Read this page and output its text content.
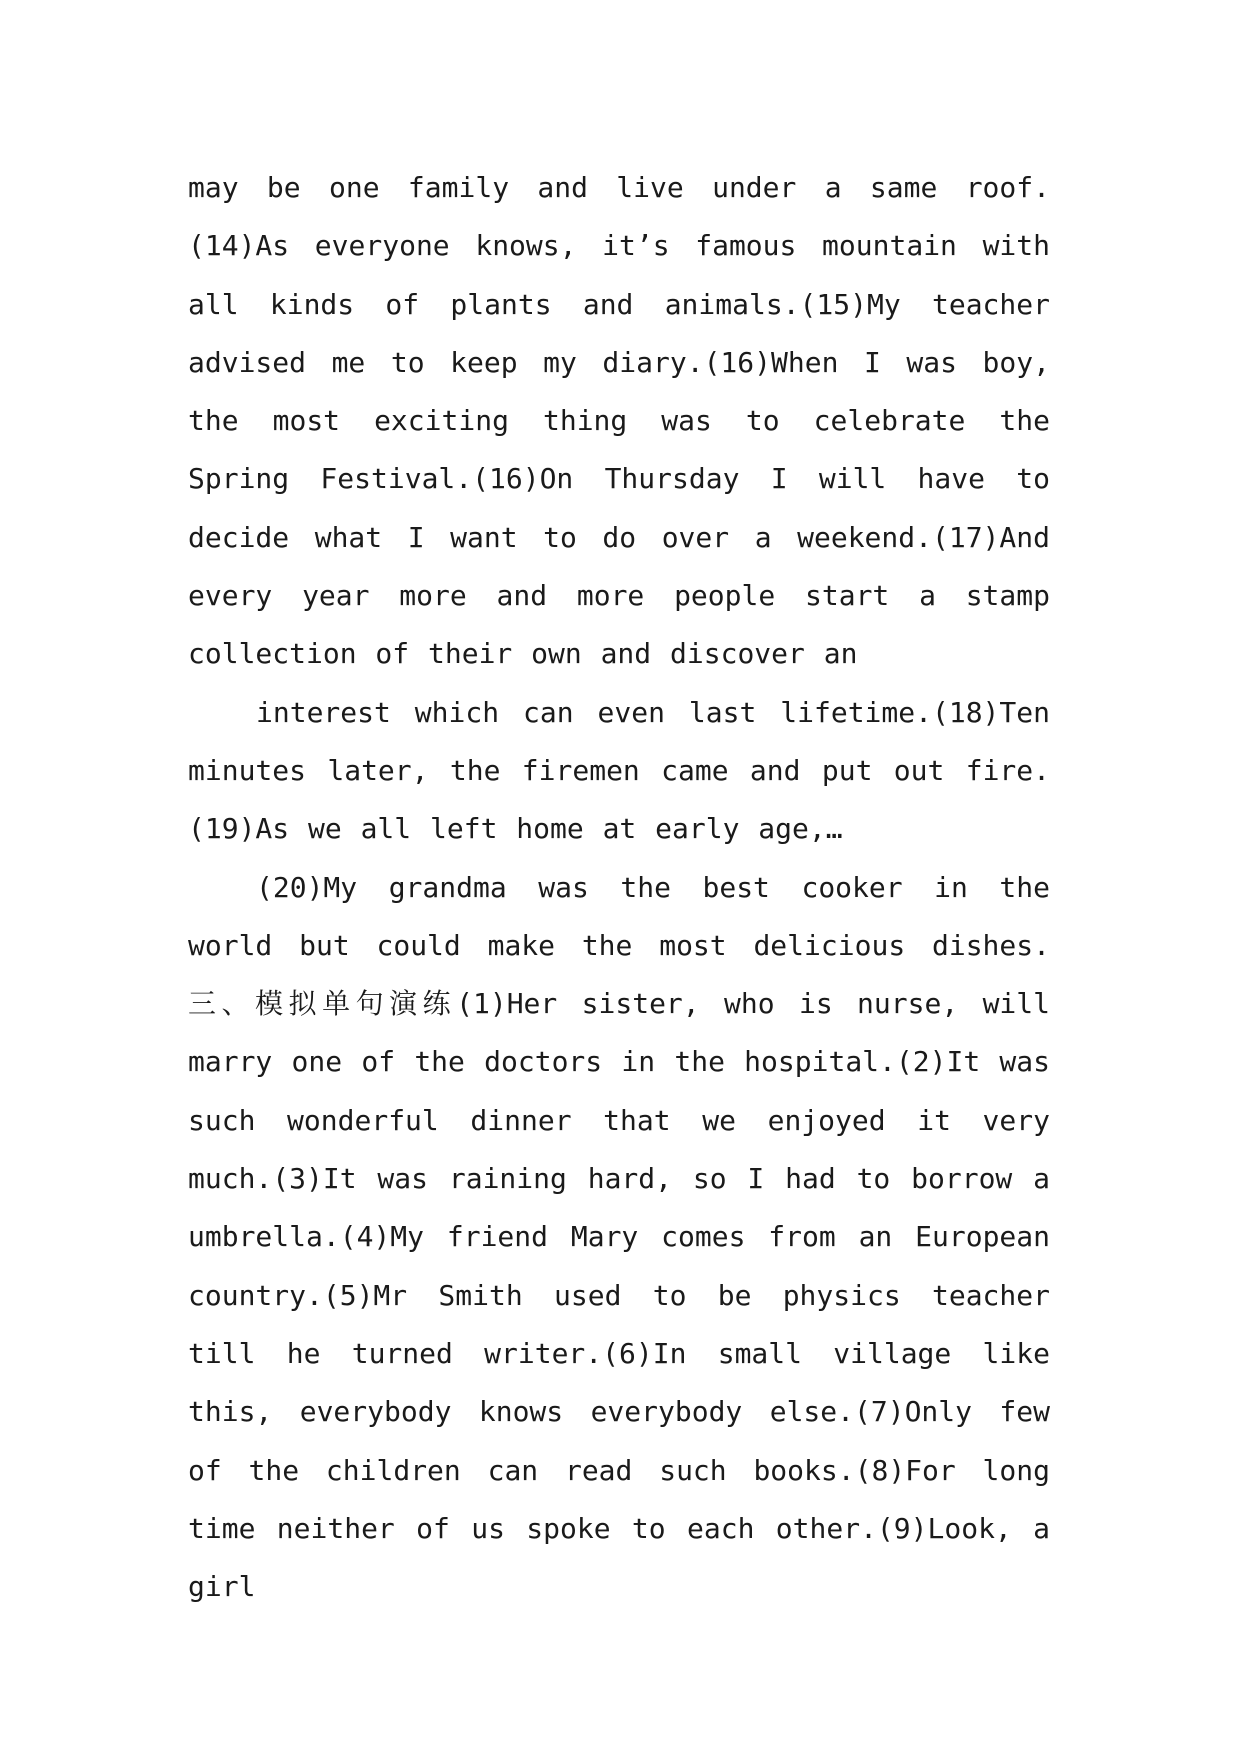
may be one family and live under a same roof.(14)As everyone knows, it’s famous mountain with all kinds of plants and animals.(15)My teacher advised me to keep my diary.(16)When I was boy, the most exciting thing was to celebrate the Spring Festival.(16)On Thursday I will have to decide what I want to do over a weekend.(17)And every year more and more people start a stamp collection of their own and discover an

interest which can even last lifetime.(18)Ten minutes later, the firemen came and put out fire.(19)As we all left home at early age,…

(20)My grandma was the best cooker in the world but could make the most delicious dishes.三、模拟单句演练(1)Her sister, who is nurse, will marry one of the doctors in the hospital.(2)It was such wonderful dinner that we enjoyed it very much.(3)It was raining hard, so I had to borrow a umbrella.(4)My friend Mary comes from an European country.(5)Mr Smith used to be physics teacher till he turned writer.(6)In small village like this, everybody knows everybody else.(7)Only few of the children can read such books.(8)For long time neither of us spoke to each other.(9)Look, a girl
